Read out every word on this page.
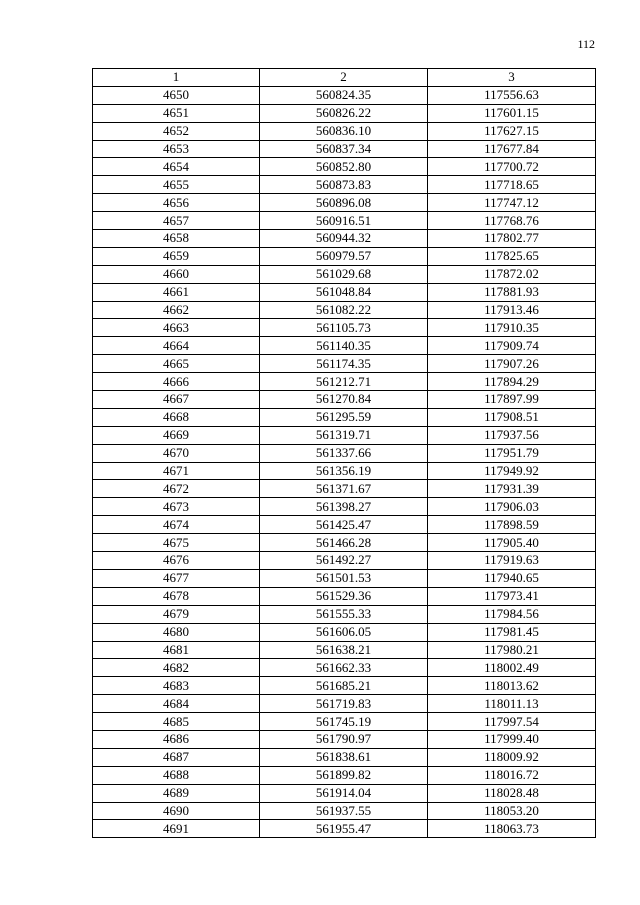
112
1	2	3
4650	560824.35	117556.63
4651	560826.22	117601.15
4652	560836.10	117627.15
4653	560837.34	117677.84
4654	560852.80	117700.72
4655	560873.83	117718.65
4656	560896.08	117747.12
4657	560916.51	117768.76
4658	560944.32	117802.77
4659	560979.57	117825.65
4660	561029.68	117872.02
4661	561048.84	117881.93
4662	561082.22	117913.46
4663	561105.73	117910.35
4664	561140.35	117909.74
4665	561174.35	117907.26
4666	561212.71	117894.29
4667	561270.84	117897.99
4668	561295.59	117908.51
4669	561319.71	117937.56
4670	561337.66	117951.79
4671	561356.19	117949.92
4672	561371.67	117931.39
4673	561398.27	117906.03
4674	561425.47	117898.59
4675	561466.28	117905.40
4676	561492.27	117919.63
4677	561501.53	117940.65
4678	561529.36	117973.41
4679	561555.33	117984.56
4680	561606.05	117981.45
4681	561638.21	117980.21
4682	561662.33	118002.49
4683	561685.21	118013.62
4684	561719.83	118011.13
4685	561745.19	117997.54
4686	561790.97	117999.40
4687	561838.61	118009.92
4688	561899.82	118016.72
4689	561914.04	118028.48
4690	561937.55	118053.20
4691	561955.47	118063.73
